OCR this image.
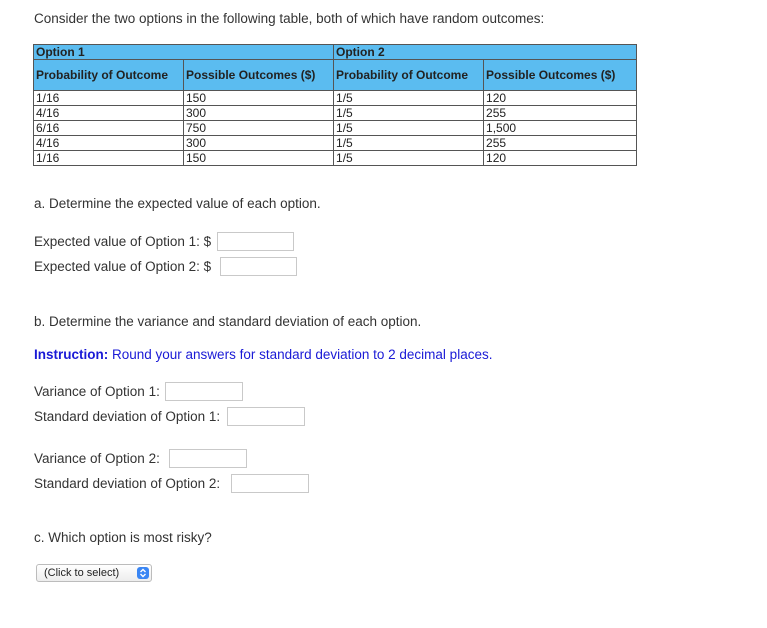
Consider the two options in the following table, both of which have random outcomes:
Option 1		Option 2	
Probability of Outcome	Possible Outcomes ($)	Probability of Outcome	Possible Outcomes ($)
1/16	150	1/5	120
4/16	300	1/5	255
6/16	750	1/5	1,500
4/16	300	1/5	255
1/16	150	1/5	120
a. Determine the expected value of each option.
Expected value of Option 1: $
Expected value of Option 2: $
b. Determine the variance and standard deviation of each option.
Instruction: Round your answers for standard deviation to 2 decimal places.
Variance of Option 1:
Standard deviation of Option 1:
Variance of Option 2:
Standard deviation of Option 2:
c. Which option is most risky?
(Click to select)
